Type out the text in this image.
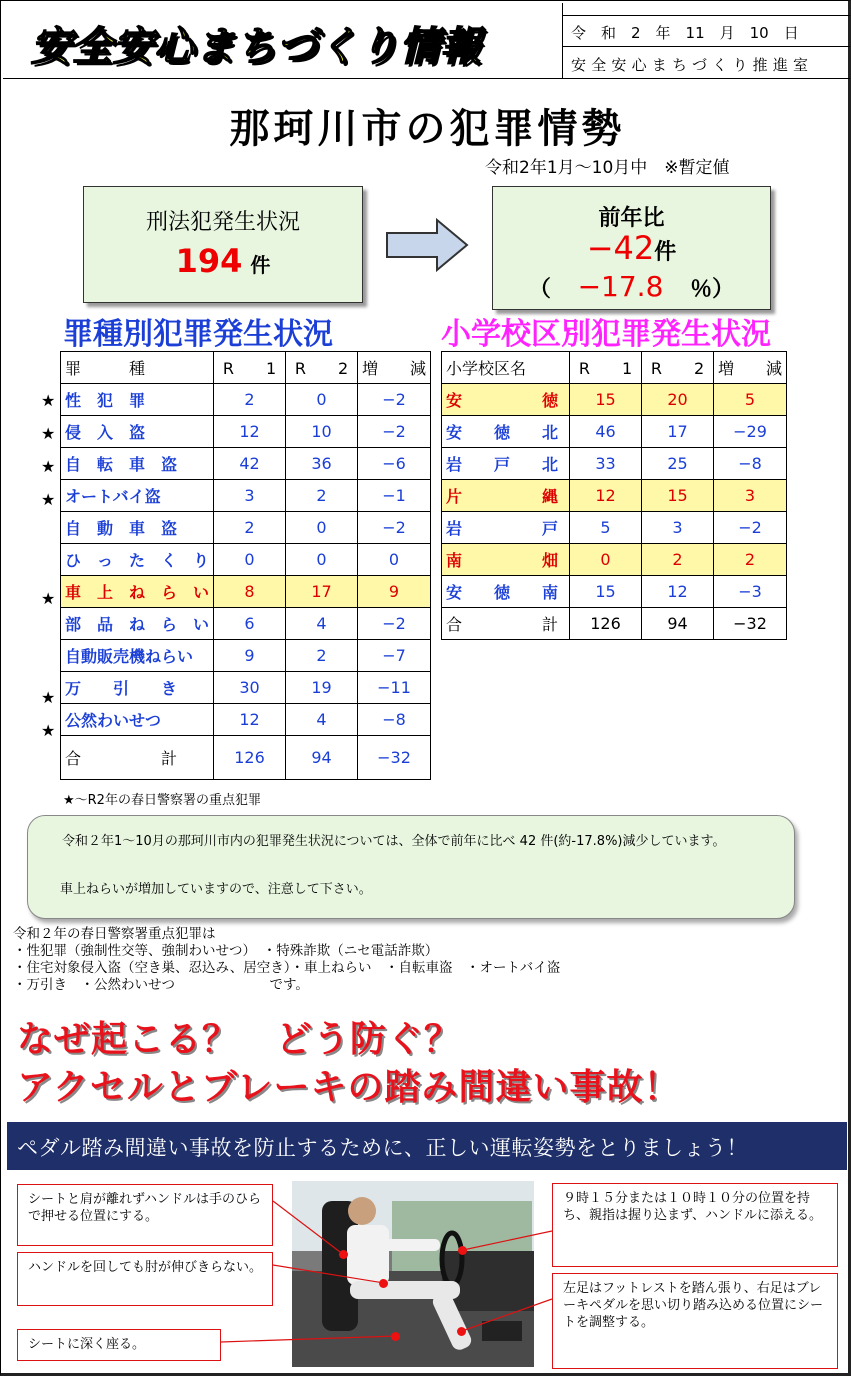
安全安心まちづくり情報	令　和　2　年　11　月　10　日
安全安心まちづくり推進室
那珂川市の犯罪情勢
令和2年1月〜10月中　※暫定値
刑法犯発生状況
194 件
前年比
−42件
（ −17.8 ％）
罪種別犯罪発生状況	小学校区別犯罪発生状況
罪　　　種	R　　1	R　　2	増　　減
性　犯　罪	2	0	−2
侵　入　盗	12	10	−2
自　転　車　盗	42	36	−6
オートバイ盗	3	2	−1
自　動　車　盗	2	0	−2
ひ　っ　た　く　り	0	0	0
車　上　ね　ら　い	8	17	9
部　品　ね　ら　い	6	4	−2
自動販売機ねらい	9	2	−7
万　　引　　き	30	19	−11
公然わいせつ	12	4	−8
合　　　　　計	126	94	−32
★
★
★
★
★
★
★
小学校区名	R　　1	R　　2	増　　減
安　　　　　徳	15	20	5
安　　徳　　北	46	17	−29
岩　　戸　　北	33	25	−8
片　　　　　縄	12	15	3
岩　　　　　戸	5	3	−2
南　　　　　畑	0	2	2
安　　徳　　南	15	12	−3
合　　　　　計	126	94	−32
★〜R2年の春日警察署の重点犯罪

令和２年1〜10月の那珂川市内の犯罪発生状況については、全体で前年に比べ 42 件(約-17.8%)減少しています。

車上ねらいが増加していますので、注意して下さい。

令和２年の春日警察署重点犯罪は
・性犯罪（強制性交等、強制わいせつ）　・特殊詐欺（ニセ電話詐欺）
・住宅対象侵入盗（空き巣、忍込み、居空き）・車上ねらい　・自転車盗　・オートバイ盗
・万引き　・公然わいせつ　　　　　　　です。
なぜ起こる？　どう防ぐ？
アクセルとブレーキの踏み間違い事故！
ペダル踏み間違い事故を防止するために、正しい運転姿勢をとりましょう！
シートと肩が離れずハンドルは手のひらで押せる位置にする。
ハンドルを回しても肘が伸びきらない。
シートに深く座る。
９時１５分または１０時１０分の位置を持ち、親指は握り込まず、ハンドルに添える。
左足はフットレストを踏ん張り、右足はブレーキペダルを思い切り踏み込める位置にシートを調整する。
